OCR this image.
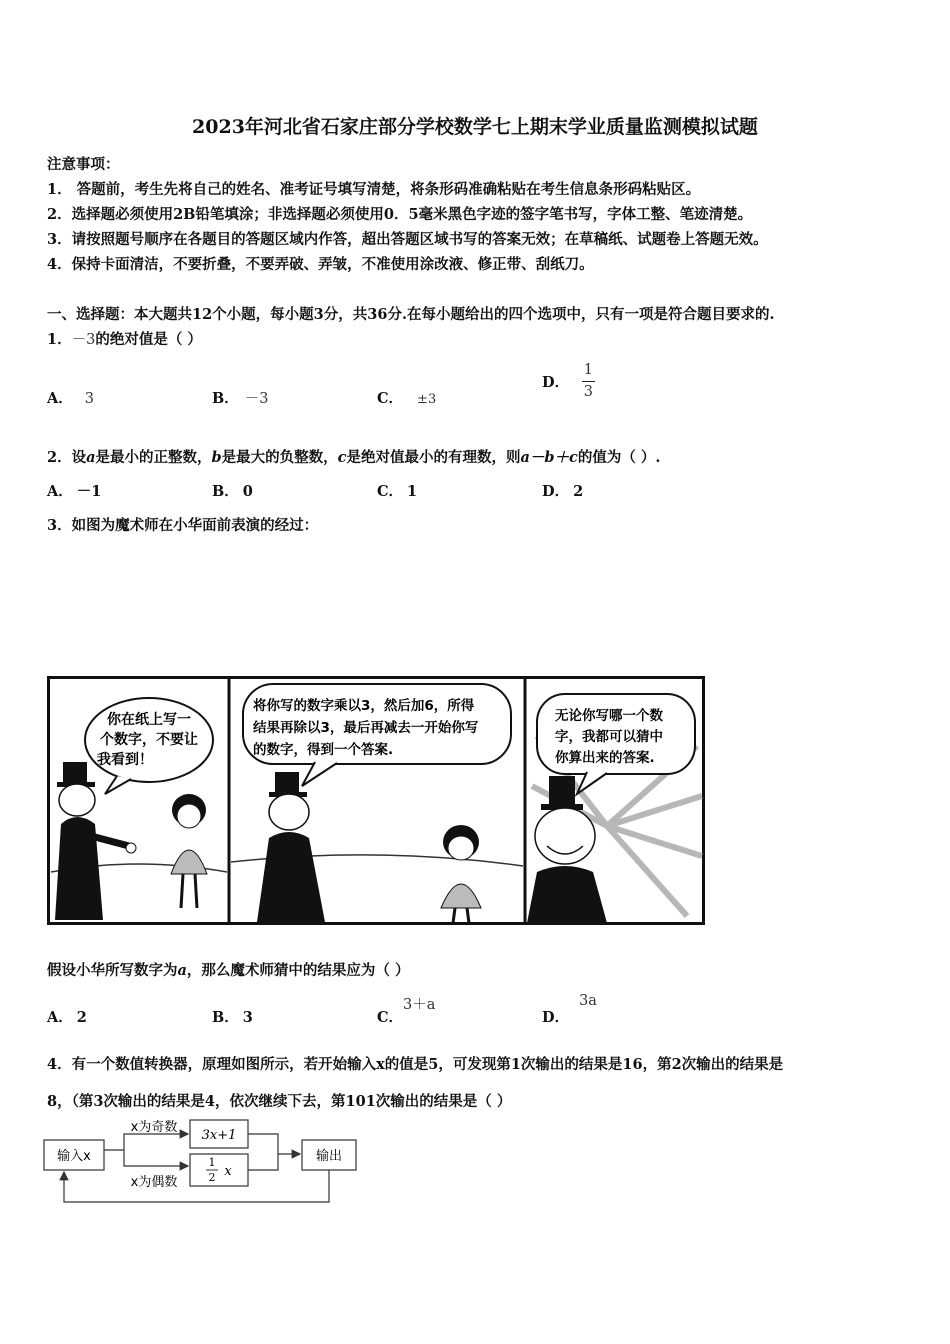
2023年河北省石家庄部分学校数学七上期末学业质量监测模拟试题
注意事项：
1． 答题前，考生先将自己的姓名、准考证号填写清楚，将条形码准确粘贴在考生信息条形码粘贴区。
2．选择题必须使用2B铅笔填涂；非选择题必须使用0．5毫米黑色字迹的签字笔书写，字体工整、笔迹清楚。
3．请按照题号顺序在各题目的答题区域内作答，超出答题区域书写的答案无效；在草稿纸、试题卷上答题无效。
4．保持卡面清洁，不要折叠，不要弄破、弄皱，不准使用涂改液、修正带、刮纸刀。
一、选择题：本大题共12个小题，每小题3分，共36分.在每小题给出的四个选项中，只有一项是符合题目要求的.
1．－3的绝对值是（ ）
A． 3	B． －3	C． ±3
D． $\frac{1}{3}$
2．设a是最小的正整数，b是最大的负整数，c是绝对值最小的有理数，则a－b＋c的值为（ ）.
A． －1	B． 0	C． 1	D． 2
3．如图为魔术师在小华面前表演的经过：
你在纸上写一
个数字，不要让
我看到！
将你写的数字乘以3，然后加6，所得
结果再除以3，最后再减去一开始你写
的数字，得到一个答案.
无论你写哪一个数
字，我都可以猜中
你算出来的答案.
假设小华所写数字为a，那么魔术师猜中的结果应为（ ）
A． 2	B． 3	C．3＋a
D．3a
4．有一个数值转换器，原理如图所示，若开始输入x的值是5，可发现第1次输出的结果是16，第2次输出的结果是
8，（第3次输出的结果是4，依次继续下去，第101次输出的结果是（ ）
输入x
x为奇数
x为偶数
3x+1
1
2 x
输出
